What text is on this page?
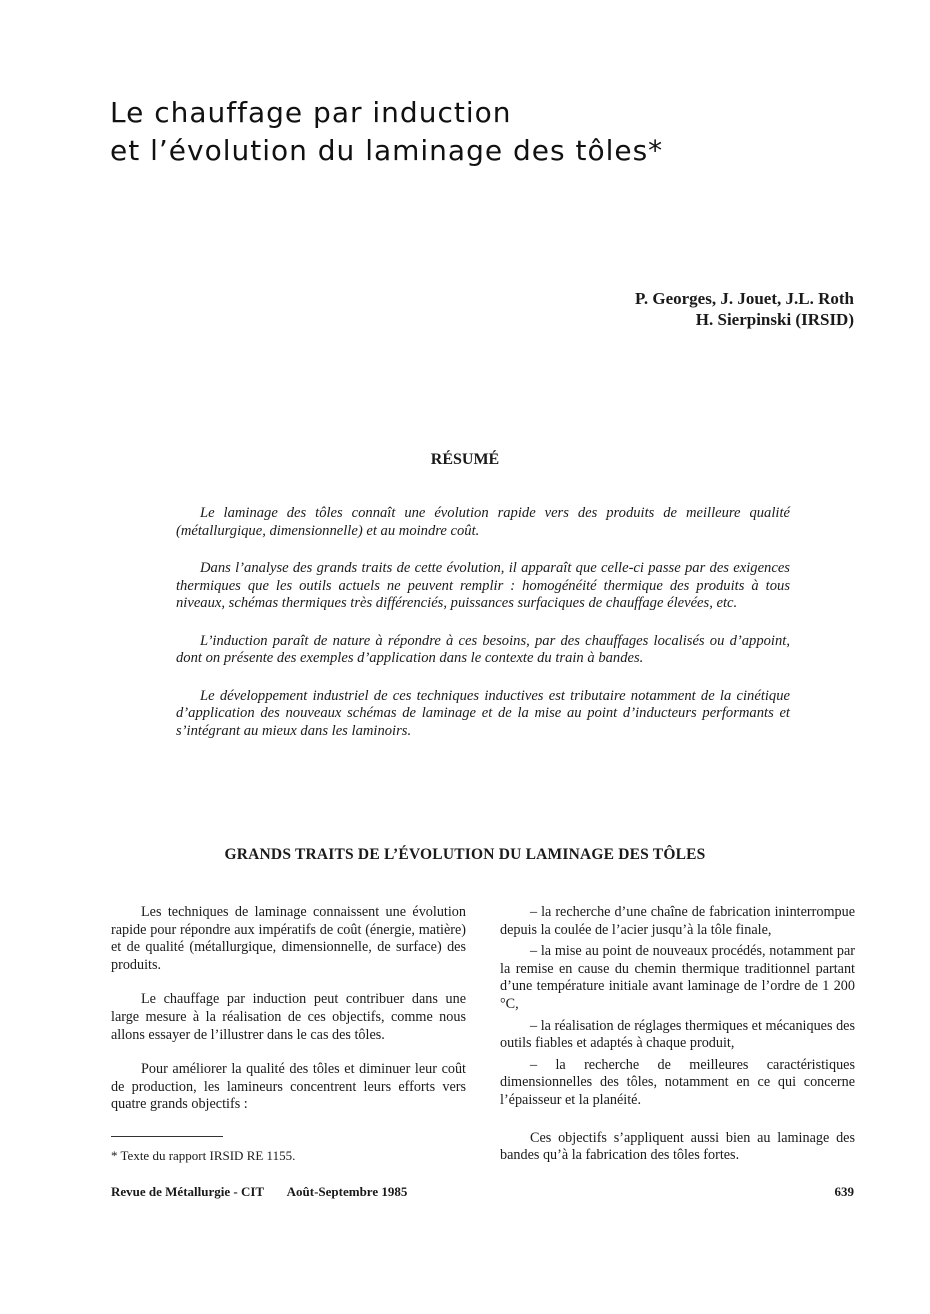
Le chauffage par induction
et l’évolution du laminage des tôles*
P. Georges, J. Jouet, J.L. Roth
H. Sierpinski (IRSID)
RÉSUMÉ

Le laminage des tôles connaît une évolution rapide vers des produits de meilleure qualité (métallurgique, dimensionnelle) et au moindre coût.

Dans l’analyse des grands traits de cette évolution, il apparaît que celle-ci passe par des exigences thermiques que les outils actuels ne peuvent remplir : homogénéité thermique des produits à tous niveaux, schémas thermiques très différenciés, puissances surfaciques de chauffage élevées, etc.

L’induction paraît de nature à répondre à ces besoins, par des chauffages localisés ou d’appoint, dont on présente des exemples d’application dans le contexte du train à bandes.

Le développement industriel de ces techniques inductives est tributaire notamment de la cinétique d’application des nouveaux schémas de laminage et de la mise au point d’inducteurs performants et s’intégrant au mieux dans les laminoirs.

GRANDS TRAITS DE L’ÉVOLUTION DU LAMINAGE DES TÔLES

Les techniques de laminage connaissent une évolution rapide pour répondre aux impératifs de coût (énergie, matière) et de qualité (métallurgique, dimensionnelle, de surface) des produits.

Le chauffage par induction peut contribuer dans une large mesure à la réalisation de ces objectifs, comme nous allons essayer de l’illustrer dans le cas des tôles.

Pour améliorer la qualité des tôles et diminuer leur coût de production, les lamineurs concentrent leurs efforts vers quatre grands objectifs :

– la recherche d’une chaîne de fabrication ininterrompue depuis la coulée de l’acier jusqu’à la tôle finale,

– la mise au point de nouveaux procédés, notamment par la remise en cause du chemin thermique traditionnel partant d’une température initiale avant laminage de l’ordre de 1 200 °C,

– la réalisation de réglages thermiques et mécaniques des outils fiables et adaptés à chaque produit,

– la recherche de meilleures caractéristiques dimensionnelles des tôles, notamment en ce qui concerne l’épaisseur et la planéité.

Ces objectifs s’appliquent aussi bien au laminage des bandes qu’à la fabrication des tôles fortes.

* Texte du rapport IRSID RE 1155.
Revue de Métallurgie - CIT Août-Septembre 1985	639
